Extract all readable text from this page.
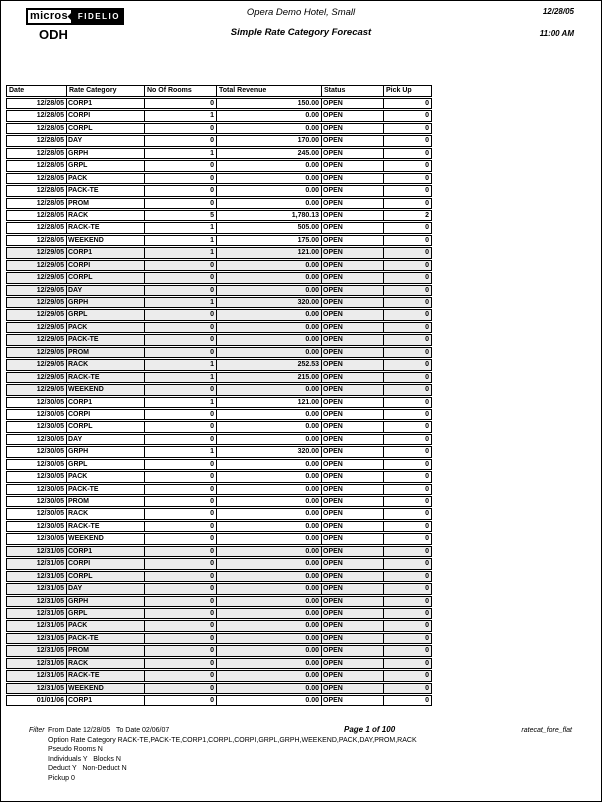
micros	FIDELIO
ODH
Opera Demo Hotel, Small
Simple Rate Category Forecast
12/28/05
11:00 AM
Date	Rate Category	No Of Rooms	Total Revenue	Status	Pick Up
12/28/05 CORP1	0	150.00 OPEN	0
12/28/05 CORPI	1	0.00 OPEN	0
12/28/05 CORPL	0	0.00 OPEN	0
12/28/05 DAY	0	170.00 OPEN	0
12/28/05 GRPH	1	245.00 OPEN	0
12/28/05 GRPL	0	0.00 OPEN	0
12/28/05 PACK	0	0.00 OPEN	0
12/28/05 PACK-TE	0	0.00 OPEN	0
12/28/05 PROM	0	0.00 OPEN	0
12/28/05 RACK	5	1,780.13 OPEN	2
12/28/05 RACK-TE	1	505.00 OPEN	0
12/28/05 WEEKEND	1	175.00 OPEN	0
12/29/05 CORP1	1	121.00 OPEN	0
12/29/05 CORPI	0	0.00 OPEN	0
12/29/05 CORPL	0	0.00 OPEN	0
12/29/05 DAY	0	0.00 OPEN	0
12/29/05 GRPH	1	320.00 OPEN	0
12/29/05 GRPL	0	0.00 OPEN	0
12/29/05 PACK	0	0.00 OPEN	0
12/29/05 PACK-TE	0	0.00 OPEN	0
12/29/05 PROM	0	0.00 OPEN	0
12/29/05 RACK	1	252.53 OPEN	0
12/29/05 RACK-TE	1	215.00 OPEN	0
12/29/05 WEEKEND	0	0.00 OPEN	0
12/30/05 CORP1	1	121.00 OPEN	0
12/30/05 CORPI	0	0.00 OPEN	0
12/30/05 CORPL	0	0.00 OPEN	0
12/30/05 DAY	0	0.00 OPEN	0
12/30/05 GRPH	1	320.00 OPEN	0
12/30/05 GRPL	0	0.00 OPEN	0
12/30/05 PACK	0	0.00 OPEN	0
12/30/05 PACK-TE	0	0.00 OPEN	0
12/30/05 PROM	0	0.00 OPEN	0
12/30/05 RACK	0	0.00 OPEN	0
12/30/05 RACK-TE	0	0.00 OPEN	0
12/30/05 WEEKEND	0	0.00 OPEN	0
12/31/05 CORP1	0	0.00 OPEN	0
12/31/05 CORPI	0	0.00 OPEN	0
12/31/05 CORPL	0	0.00 OPEN	0
12/31/05 DAY	0	0.00 OPEN	0
12/31/05 GRPH	0	0.00 OPEN	0
12/31/05 GRPL	0	0.00 OPEN	0
12/31/05 PACK	0	0.00 OPEN	0
12/31/05 PACK-TE	0	0.00 OPEN	0
12/31/05 PROM	0	0.00 OPEN	0
12/31/05 RACK	0	0.00 OPEN	0
12/31/05 RACK-TE	0	0.00 OPEN	0
12/31/05 WEEKEND	0	0.00 OPEN	0
01/01/06 CORP1	0	0.00 OPEN	0
Filter From Date 12/28/05   To Date 02/06/07	Page 1 of 100	ratecat_fore_flat
Option Rate Category RACK-TE,PACK-TE,CORP1,CORPL,CORPI,GRPL,GRPH,WEEKEND,PACK,DAY,PROM,RACK
Pseudo Rooms N
Individuals Y   Blocks N
Deduct Y   Non-Deduct N
Pickup 0
